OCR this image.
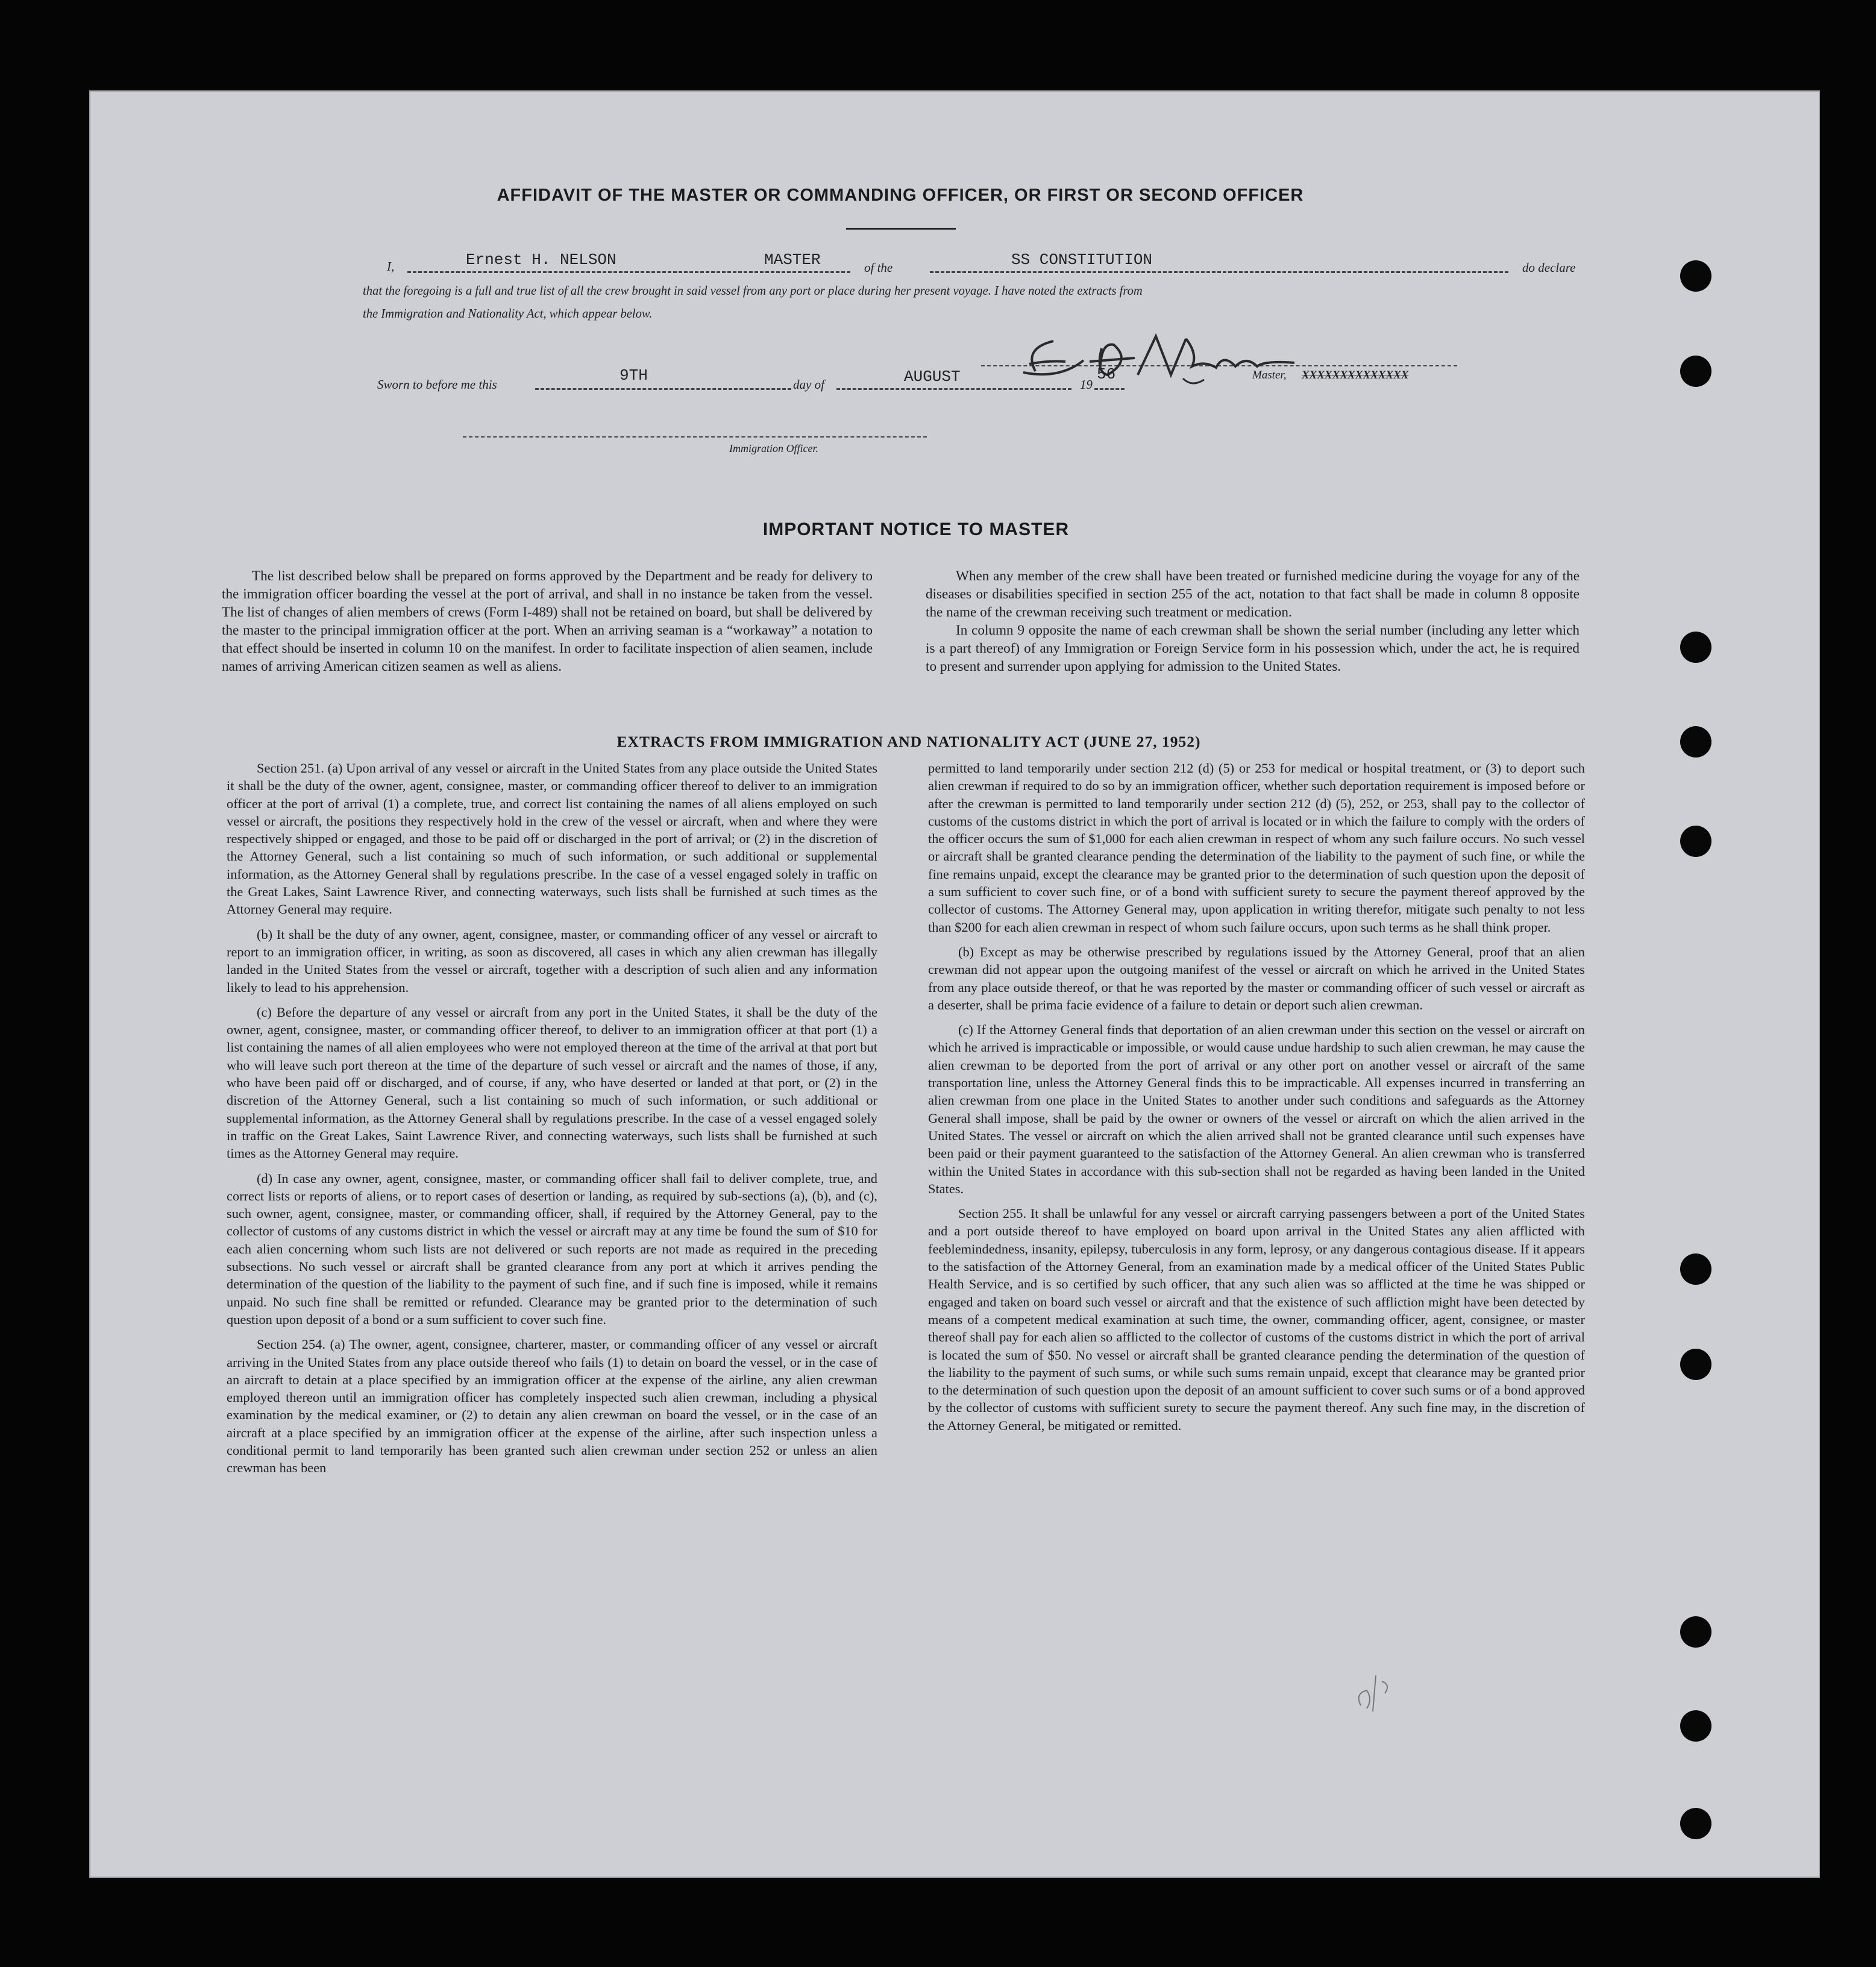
AFFIDAVIT OF THE MASTER OR COMMANDING OFFICER, OR FIRST OR SECOND OFFICER
I,	Ernest H. NELSON	MASTER	of the	SS CONSTITUTION	do declare
that the foregoing is a full and true list of all the crew brought in said vessel from any port or place during her present voyage. I have noted the extracts from
the Immigration and Nationality Act, which appear below.
Master, XXXXXXXXXXXXXX
Sworn to before me this	9TH	day of	AUGUST	19
56
Immigration Officer.
IMPORTANT NOTICE TO MASTER

The list described below shall be prepared on forms approved by the Department and be ready for delivery to the immigration officer boarding the vessel at the port of arrival, and shall in no instance be taken from the vessel. The list of changes of alien members of crews (Form I-489) shall not be retained on board, but shall be delivered by the master to the principal immigration officer at the port. When an arriving seaman is a “workaway” a notation to that effect should be inserted in column 10 on the manifest. In order to facilitate inspection of alien seamen, include names of arriving American citizen seamen as well as aliens.

When any member of the crew shall have been treated or furnished medicine during the voyage for any of the diseases or disabilities specified in section 255 of the act, notation to that fact shall be made in column 8 opposite the name of the crewman receiving such treatment or medication.

In column 9 opposite the name of each crewman shall be shown the serial number (including any letter which is a part thereof) of any Immigration or Foreign Service form in his possession which, under the act, he is required to present and surrender upon applying for admission to the United States.

EXTRACTS FROM IMMIGRATION AND NATIONALITY ACT (JUNE 27, 1952)

Section 251. (a) Upon arrival of any vessel or aircraft in the United States from any place outside the United States it shall be the duty of the owner, agent, consignee, master, or commanding officer thereof to deliver to an immigration officer at the port of arrival (1) a complete, true, and correct list containing the names of all aliens employed on such vessel or aircraft, the positions they respectively hold in the crew of the vessel or aircraft, when and where they were respectively shipped or engaged, and those to be paid off or discharged in the port of arrival; or (2) in the discretion of the Attorney General, such a list containing so much of such information, or such additional or supplemental information, as the Attorney General shall by regulations prescribe. In the case of a vessel engaged solely in traffic on the Great Lakes, Saint Lawrence River, and connecting waterways, such lists shall be furnished at such times as the Attorney General may require.

(b) It shall be the duty of any owner, agent, consignee, master, or commanding officer of any vessel or aircraft to report to an immigration officer, in writing, as soon as discovered, all cases in which any alien crewman has illegally landed in the United States from the vessel or aircraft, together with a description of such alien and any information likely to lead to his apprehension.

(c) Before the departure of any vessel or aircraft from any port in the United States, it shall be the duty of the owner, agent, consignee, master, or commanding officer thereof, to deliver to an immigration officer at that port (1) a list containing the names of all alien employees who were not employed thereon at the time of the arrival at that port but who will leave such port thereon at the time of the departure of such vessel or aircraft and the names of those, if any, who have been paid off or discharged, and of course, if any, who have deserted or landed at that port, or (2) in the discretion of the Attorney General, such a list containing so much of such information, or such additional or supplemental information, as the Attorney General shall by regulations prescribe. In the case of a vessel engaged solely in traffic on the Great Lakes, Saint Lawrence River, and connecting waterways, such lists shall be furnished at such times as the Attorney General may require.

(d) In case any owner, agent, consignee, master, or commanding officer shall fail to deliver complete, true, and correct lists or reports of aliens, or to report cases of desertion or landing, as required by sub-sections (a), (b), and (c), such owner, agent, consignee, master, or commanding officer, shall, if required by the Attorney General, pay to the collector of customs of any customs district in which the vessel or aircraft may at any time be found the sum of $10 for each alien concerning whom such lists are not delivered or such reports are not made as required in the preceding subsections. No such vessel or aircraft shall be granted clearance from any port at which it arrives pending the determination of the question of the liability to the payment of such fine, and if such fine is imposed, while it remains unpaid. No such fine shall be remitted or refunded. Clearance may be granted prior to the determination of such question upon deposit of a bond or a sum sufficient to cover such fine.

Section 254. (a) The owner, agent, consignee, charterer, master, or commanding officer of any vessel or aircraft arriving in the United States from any place outside thereof who fails (1) to detain on board the vessel, or in the case of an aircraft to detain at a place specified by an immigration officer at the expense of the airline, any alien crewman employed thereon until an immigration officer has completely inspected such alien crewman, including a physical examination by the medical examiner, or (2) to detain any alien crewman on board the vessel, or in the case of an aircraft at a place specified by an immigration officer at the expense of the airline, after such inspection unless a conditional permit to land temporarily has been granted such alien crewman under section 252 or unless an alien crewman has been

permitted to land temporarily under section 212 (d) (5) or 253 for medical or hospital treatment, or (3) to deport such alien crewman if required to do so by an immigration officer, whether such deportation requirement is imposed before or after the crewman is permitted to land temporarily under section 212 (d) (5), 252, or 253, shall pay to the collector of customs of the customs district in which the port of arrival is located or in which the failure to comply with the orders of the officer occurs the sum of $1,000 for each alien crewman in respect of whom any such failure occurs. No such vessel or aircraft shall be granted clearance pending the determination of the liability to the payment of such fine, or while the fine remains unpaid, except the clearance may be granted prior to the determination of such question upon the deposit of a sum sufficient to cover such fine, or of a bond with sufficient surety to secure the payment thereof approved by the collector of customs. The Attorney General may, upon application in writing therefor, mitigate such penalty to not less than $200 for each alien crewman in respect of whom such failure occurs, upon such terms as he shall think proper.

(b) Except as may be otherwise prescribed by regulations issued by the Attorney General, proof that an alien crewman did not appear upon the outgoing manifest of the vessel or aircraft on which he arrived in the United States from any place outside thereof, or that he was reported by the master or commanding officer of such vessel or aircraft as a deserter, shall be prima facie evidence of a failure to detain or deport such alien crewman.

(c) If the Attorney General finds that deportation of an alien crewman under this section on the vessel or aircraft on which he arrived is impracticable or impossible, or would cause undue hardship to such alien crewman, he may cause the alien crewman to be deported from the port of arrival or any other port on another vessel or aircraft of the same transportation line, unless the Attorney General finds this to be impracticable. All expenses incurred in transferring an alien crewman from one place in the United States to another under such conditions and safeguards as the Attorney General shall impose, shall be paid by the owner or owners of the vessel or aircraft on which the alien arrived in the United States. The vessel or aircraft on which the alien arrived shall not be granted clearance until such expenses have been paid or their payment guaranteed to the satisfaction of the Attorney General. An alien crewman who is transferred within the United States in accordance with this sub-section shall not be regarded as having been landed in the United States.

Section 255. It shall be unlawful for any vessel or aircraft carrying passengers between a port of the United States and a port outside thereof to have employed on board upon arrival in the United States any alien afflicted with feeblemindedness, insanity, epilepsy, tuberculosis in any form, leprosy, or any dangerous contagious disease. If it appears to the satisfaction of the Attorney General, from an examination made by a medical officer of the United States Public Health Service, and is so certified by such officer, that any such alien was so afflicted at the time he was shipped or engaged and taken on board such vessel or aircraft and that the existence of such affliction might have been detected by means of a competent medical examination at such time, the owner, commanding officer, agent, consignee, or master thereof shall pay for each alien so afflicted to the collector of customs of the customs district in which the port of arrival is located the sum of $50. No vessel or aircraft shall be granted clearance pending the determination of the question of the liability to the payment of such sums, or while such sums remain unpaid, except that clearance may be granted prior to the determination of such question upon the deposit of an amount sufficient to cover such sums or of a bond approved by the collector of customs with sufficient surety to secure the payment thereof. Any such fine may, in the discretion of the Attorney General, be mitigated or remitted.
